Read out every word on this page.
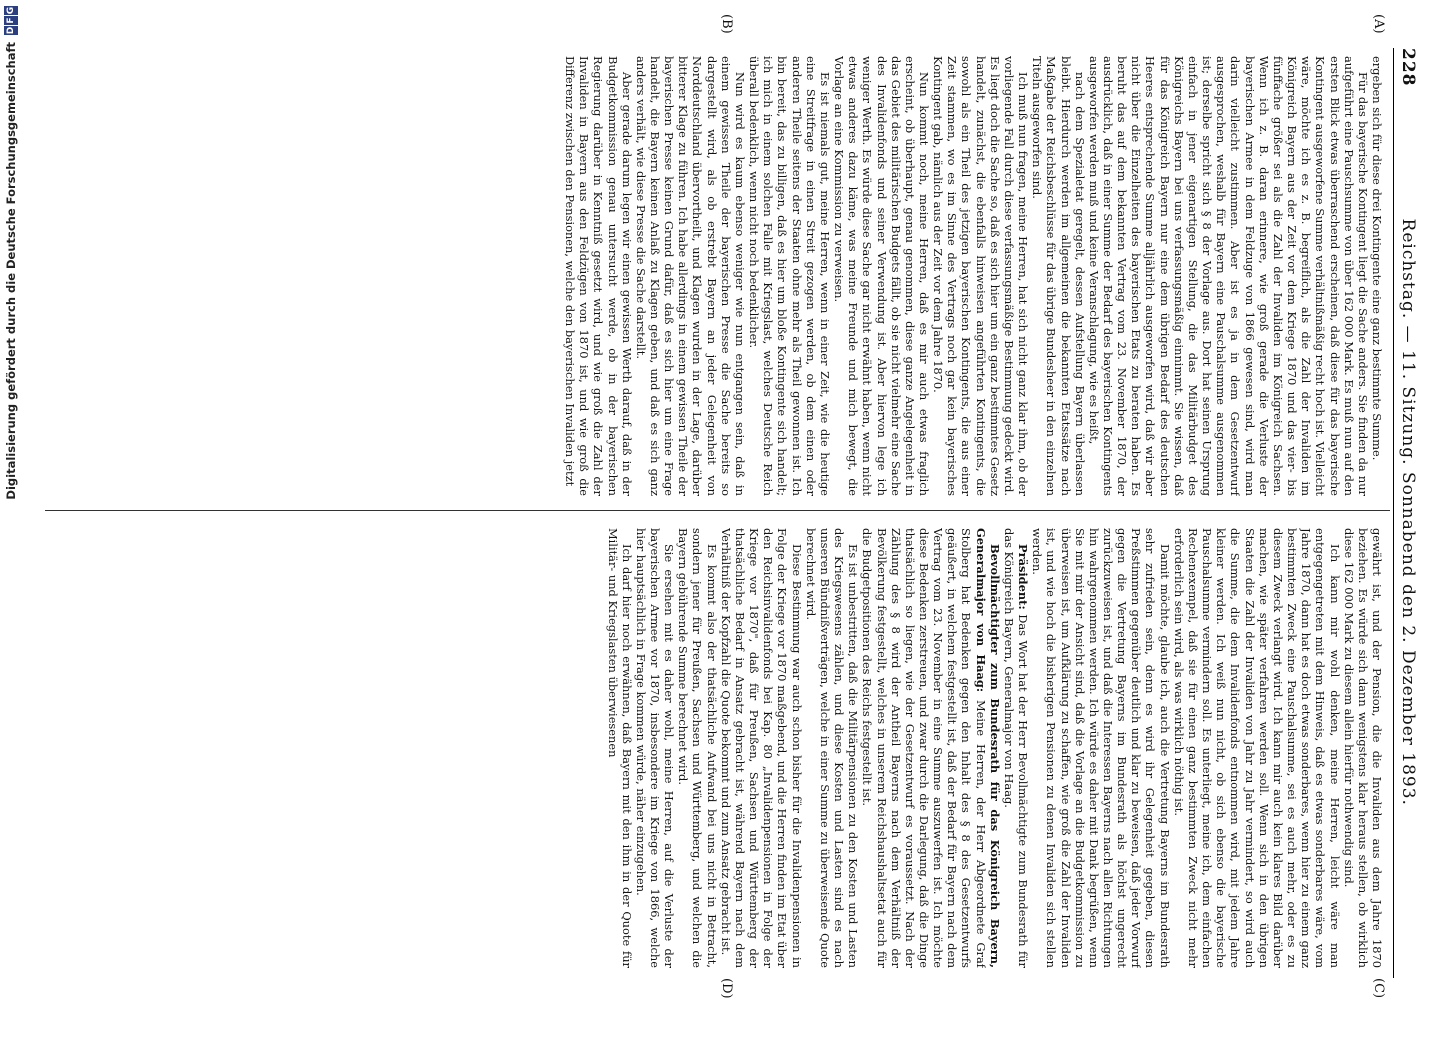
228
Reichstag. — 11. Sitzung. Sonnabend den 2. Dezember 1893.
(A)
(B)
(C)
(D)

ergeben sich für diese drei Kontingente eine ganz bestimmte Summe.

Für das bayerische Kontingent liegt die Sache anders. Sie finden da nur aufgeführt eine Pauschsumme von über 162 000 Mark. Es muß nun auf den ersten Blick etwas überraschend erscheinen, daß diese für das bayerische Kontingent ausgeworfene Summe verhältnißmäßig recht hoch ist. Vielleicht wäre, möchte ich es z. B. begreiflich, als die Zahl der Invaliden im Königreich Bayern aus der Zeit vor dem Kriege 1870 und das vier- bis fünffache größer sei als die Zahl der Invaliden im Königreich Sachsen. Wenn ich z. B. daran erinnere, wie groß gerade die Verluste der bayerischen Armee in dem Feldzuge von 1866 gewesen sind, wird man darin vielleicht zustimmen. Aber ist es ja in dem Gesetzentwurf ausgesprochen, weshalb für Bayern eine Pauschalsumme ausgenommen ist; derselbe spricht sich § 8 der Vorlage aus. Dort hat seinen Ursprung einfach in jener eigenartigen Stellung, die das Militärbudget des Königreichs Bayern bei uns verfassungsmäßig einnimmt. Sie wissen, daß für das Königreich Bayern nur eine dem übrigen Bedarf des deutschen Heeres entsprechende Summe alljährlich ausgeworfen wird, daß wir aber nicht über die Einzelheiten des bayerischen Etats zu beraten haben. Es beruht das auf dem bekannten Vertrag vom 23. November 1870, der ausdrücklich, daß in einer Summe der Bedarf des bayerischen Kontingents ausgeworfen werden muß und keine Veranschlagung, wie es heißt,

nach dem Spezialetat geregelt, dessen Aufstellung Bayern überlassen bleibt. Hierdurch werden im allgemeinen die bekannten Etatssätze nach Maßgabe der Reichsbeschlüsse für das übrige Bundesheer in den einzelnen Titeln ausgeworfen sind.

Ich muß nun fragen, meine Herren, hat sich nicht ganz klar ihm, ob der vorliegende Fall durch diese verfassungsmäßige Bestimmung gedeckt wird. Es liegt doch die Sache so, daß es sich hier um ein ganz bestimmtes Gesetz handelt, zunächst, die ebenfalls hinweisen angeführten Kontingents, die sowohl als ein Theil des jetzigen bayerischen Kontingents, die aus einer Zeit stammen, wo es im Sinne des Vertrags noch gar kein bayerisches Kontingent gab, nämlich aus der Zeit vor dem Jahre 1870.

Nun kommt noch, meine Herren, daß es mir auch etwas fraglich erscheint, ob überhaupt, genau genommen, diese ganze Angelegenheit in das Gebiet des militärischen Budgets fällt, ob sie nicht vielmehr eine Sache des Invalidenfonds und seiner Verwendung ist. Aber hiervon lege ich weniger Werth. Es würde diese Sache gar nicht erwähnt haben, wenn nicht etwas anderes dazu käme, was meine Freunde und mich bewegt, die Vorlage an eine Kommission zu verweisen.

Es ist niemals gut, meine Herren, wenn in einer Zeit, wie die heutige eine Streitfrage in einen Streit gezogen werden, ob dem einen oder anderen Theile seitens der Staaten ohne mehr als Theil gewonnen ist. Ich bin bereit, das zu billigen, daß es hier um bloße Kontingente sich handelt; ich mich in einem solchen Falle mit Kriegslast, welches Deutsche Reich überall bedenklich, wenn nicht noch bedenklicher.

Nun wird es kaum ebenso weniger wie nun entgangen sein, daß in einem gewissen Theile der bayerischen Presse die Sache bereits so dargestellt wird, als ob erstrebt Bayern an jeder Gelegenheit von Norddeutschland übervortheilt, und Klagen wurden in der Lage, darüber bitterer Klage zu führen. Ich habe allerdings in einem gewissen Theile der bayerischen Presse keinen Grund dafür, daß es sich hier um eine Frage handelt, die Bayern keinen Anlaß zu Klagen geben, und daß es sich ganz anders verhält, wie diese Presse die Sache darstellt.

Aber gerade darum legen wir einen gewissen Werth darauf, daß in der Budgetkommission genau untersucht werde, ob in der bayerischen Regierung darüber in Kenntniß gesetzt wird, und wie groß die Zahl der Invaliden in Bayern aus den Feldzügen von 1870 ist, und wie groß die Differenz zwischen den Pensionen, welche den bayerischen Invaliden jetzt

gewährt ist, und der Pension, die die Invaliden aus dem Jahre 1870 beziehen. Es würde sich dann wenigstens klar heraus stellen, ob wirklich diese 162 000 Mark zu diesem allein hierfür nothwendig sind.

Ich kann mir wohl denken, meine Herren, leicht wäre man entgegengetreten mit dem Hinweis, daß es etwas sonderbares wäre, vom Jahre 1870, dann hat es doch etwas sonderbares, wenn hier zu einem ganz bestimmten Zweck eine Pauschalsumme, sei es auch mehr, oder es zu diesem Zweck verlangt wird. Ich kann mir auch kein klares Bild darüber machen, wie später verfahren werden soll. Wenn sich in den übrigen Staaten die Zahl der Invaliden von Jahr zu Jahr vermindert, so wird auch die Summe, die dem Invalidenfonds entnommen wird, mit jedem Jahre kleiner werden. Ich weiß nun nicht, ob sich ebenso die bayerische Pauschalsumme vermindern soll. Es unterliegt, meine ich, dem einfachen Rechenexempel, daß sie für einen ganz bestimmten Zweck nicht mehr erforderlich sein wird, als was wirklich nöthig ist.

Damit möchte, glaube ich, auch die Vertretung Bayerns im Bundesrath sehr zufrieden sein, denn es wird ihr Gelegenheit gegeben, diesen Preßstimmen gegenüber deutlich und klar zu beweisen, daß jeder Vorwurf gegen die Vertretung Bayerns im Bundesrath als höchst ungerecht zurückzuweisen ist, und daß die Interessen Bayerns nach allen Richtungen hin wahrgenommen werden. Ich würde es daher mit Dank begrüßen, wenn Sie mit mir der Ansicht sind, daß die Vorlage an die Budgetkommission zu überweisen ist, um Aufklärung zu schaffen, wie groß die Zahl der Invaliden ist, und wie hoch die bisherigen Pensionen zu denen Invaliden sich stellen werden.

Präsident: Das Wort hat der Herr Bevollmächtigte zum Bundesrath für das Königreich Bayern, Generalmajor von Haag.

Bevollmächtigter zum Bundesrath für das Königreich Bayern, Generalmajor von Haag: Meine Herren, der Herr Abgeordnete Graf Stolberg hat Bedenken gegen den Inhalt des § 8 des Gesetzentwurfs geäußert, in welchem festgestellt ist, daß der Bedarf für Bayern nach dem Vertrag vom 23. November in eine Summe auszuwerfen ist. Ich möchte diese Bedenken zerstreuen, und zwar durch die Darlegung, daß die Dinge thatsächlich so liegen, wie der Gesetzentwurf es voraussetzt. Nach der Zählung des § 8 wird der Antheil Bayerns nach dem Verhältniß der Bevölkerung festgestellt, welches in unserem Reichshaushaltsetat auch für die Budgetpositionen des Reichs festgestellt ist.

Es ist unbestritten, daß die Militärpensionen zu den Kosten und Lasten des Kriegswesens zählen, und diese Kosten und Lasten sind es nach unseren Bündnißverträgen, welche in einer Summe zu überweisende Quote berechnet wird.

Diese Bestimmung war auch schon bisher für die Invalidenpensionen in Folge der Kriege vor 1870 maßgebend, und die Herren finden im Etat über den Reichsinvalidenfonds bei Kap. 80 „Invalidenpensionen in Folge der Kriege vor 1870", daß für Preußen, Sachsen und Württemberg der thatsächliche Bedarf in Ansatz gebracht ist, während Bayern nach dem Verhältniß der Kopfzahl die Quote bekommt und zum Ansatz gebracht ist.

Es kommt also der thatsächliche Aufwand bei uns nicht in Betracht, sondern jener für Preußen, Sachsen und Württemberg, und welchen die Bayern gebührende Summe berechnet wird.

Sie ersehen mit es daher wohl, meine Herren, auf die Verluste der bayerischen Armee vor 1870, insbesondere im Kriege von 1866, welche hier hauptsächlich in Frage kommen würde, näher einzugehen.

Ich darf hier noch erwähnen, daß Bayern mit den ihm in der Quote für Militär- und Kriegslasten überwiesenen

Digitalisierung gefördert durch die Deutsche Forschungsgemeinschaft
D
F
G
